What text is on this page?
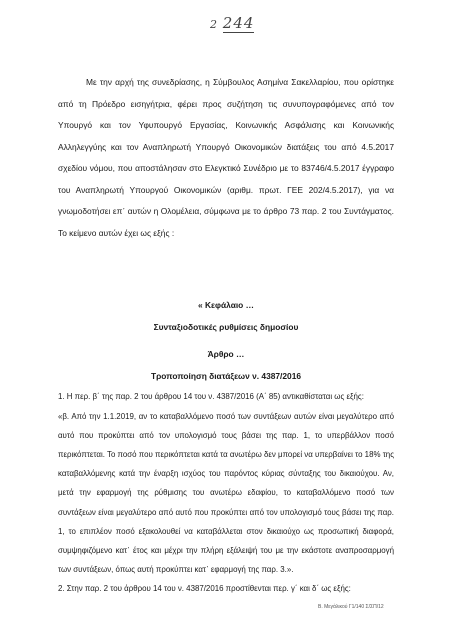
2 244

Με την αρχή της συνεδρίασης, η Σύμβουλος Ασημίνα Σακελλαρίου, που ορίστηκε από τη Πρόεδρο εισηγήτρια, φέρει προς συζήτηση τις συνυπογραφόμενες από τον Υπουργό και τον Υφυπουργό Εργασίας, Κοινωνικής Ασφάλισης και Κοινωνικής Αλληλεγγύης και τον Αναπληρωτή Υπουργό Οικονομικών διατάξεις του από 4.5.2017 σχεδίου νόμου, που αποστάλησαν στο Ελεγκτικό Συνέδριο με το 83746/4.5.2017 έγγραφο του Αναπληρωτή Υπουργού Οικονομικών (αριθμ. πρωτ. ΓΕΕ 202/4.5.2017), για να γνωμοδοτήσει επ᾽ αυτών η Ολομέλεια, σύμφωνα με το άρθρο 73 παρ. 2 του Συντάγματος. Το κείμενο αυτών έχει ως εξής :

« Κεφάλαιο …
Συνταξιοδοτικές ρυθμίσεις δημοσίου
Άρθρο …
Τροποποίηση διατάξεων ν. 4387/2016

1. Η περ. β΄ της παρ. 2 του άρθρου 14 του ν. 4387/2016 (Α΄ 85) αντικαθίσταται ως εξής:

«β. Από την 1.1.2019, αν το καταβαλλόμενο ποσό των συντάξεων αυτών είναι μεγαλύτερο από αυτό που προκύπτει από τον υπολογισμό τους βάσει της παρ. 1, το υπερβάλλον ποσό περικόπτεται. Το ποσό που περικόπτεται κατά τα ανωτέρω δεν μπορεί να υπερβαίνει το 18% της καταβαλλόμενης κατά την έναρξη ισχύος του παρόντος κύριας σύνταξης του δικαιούχου. Αν, μετά την εφαρμογή της ρύθμισης του ανωτέρω εδαφίου, το καταβαλλόμενο ποσό των συντάξεων είναι μεγαλύτερο από αυτό που προκύπτει από τον υπολογισμό τους βάσει της παρ. 1, το επιπλέον ποσό εξακολουθεί να καταβάλλεται στον δικαιούχο ως προσωπική διαφορά, συμψηφιζόμενο κατ᾽ έτος και μέχρι την πλήρη εξάλειψή του με την εκάστοτε αναπροσαρμογή των συντάξεων, όπως αυτή προκύπτει κατ᾽ εφαρμογή της παρ. 3.».

2. Στην παρ. 2 του άρθρου 14 του ν. 4387/2016 προστίθενται περ. γ΄ και δ΄ ως εξής:

Β. Μεγάλικού Γ1/140 Σ/ΣΠ/12
